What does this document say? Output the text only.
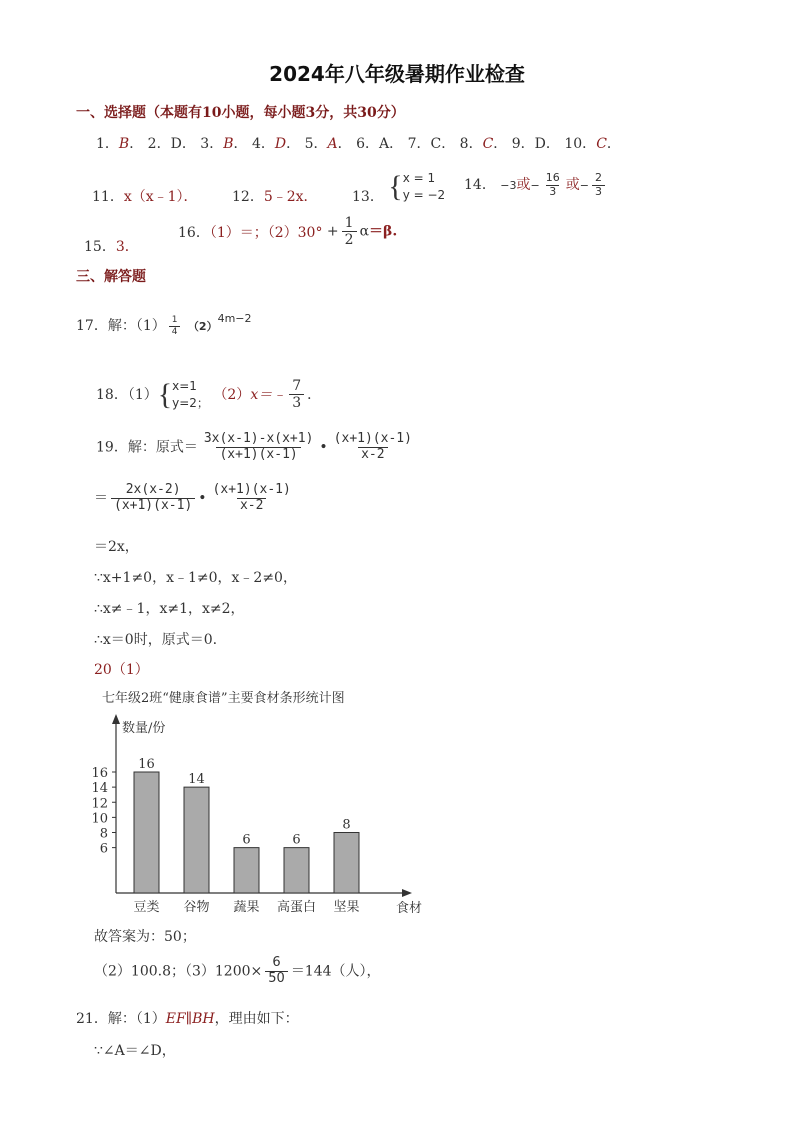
2024年八年级暑期作业检查
一、选择题（本题有10小题，每小题3分，共30分）
1．B． 2．D． 3．B． 4．D． 5．A． 6．A． 7．C． 8．C． 9．D． 10．C．
11．x（x﹣1）． 12．5﹣2x． 13． { x = 1
y = −2
14． −3或− $\frac{16}{3}$ 或− $\frac{2}{3}$
15．3．
16．（1）＝；$(2)30^\circ + \frac{1}{2} \alpha=\beta$.
三、解答题
17．解：$(1) \frac{1}{4} (2)^{4m-2}$
18．（1）{ x=1
y=2； （2）x＝﹣ $\frac{7}{3}$ ．
19．解：原式＝ $\frac{3x(x-1)-x(x+1)}{(x+1)(x-1)}$ • $\frac{(x+1)(x-1)}{x-2}$
＝ $\frac{2x(x-2)}{(x+1)(x-1)}$ • $\frac{(x+1)(x-1)}{x-2}$
＝2x，
∵x+1≠0，x﹣1≠0，x﹣2≠0，
∴x≠﹣1，x≠1，x≠2，
∴x＝0时，原式＝0.
20（1）
七年级2班“健康食谱”主要食材条形统计图
数量/份
食材
6
8
10
12
14
16
16
豆类
14
谷物
6
蔬果
6
高蛋白
8
坚果
故答案为：50；
（2）100.8；$(3)1200\times \frac{6}{50} =144$（人），
21．解：（1）EF∥BH，理由如下：
∵∠A＝∠D，
